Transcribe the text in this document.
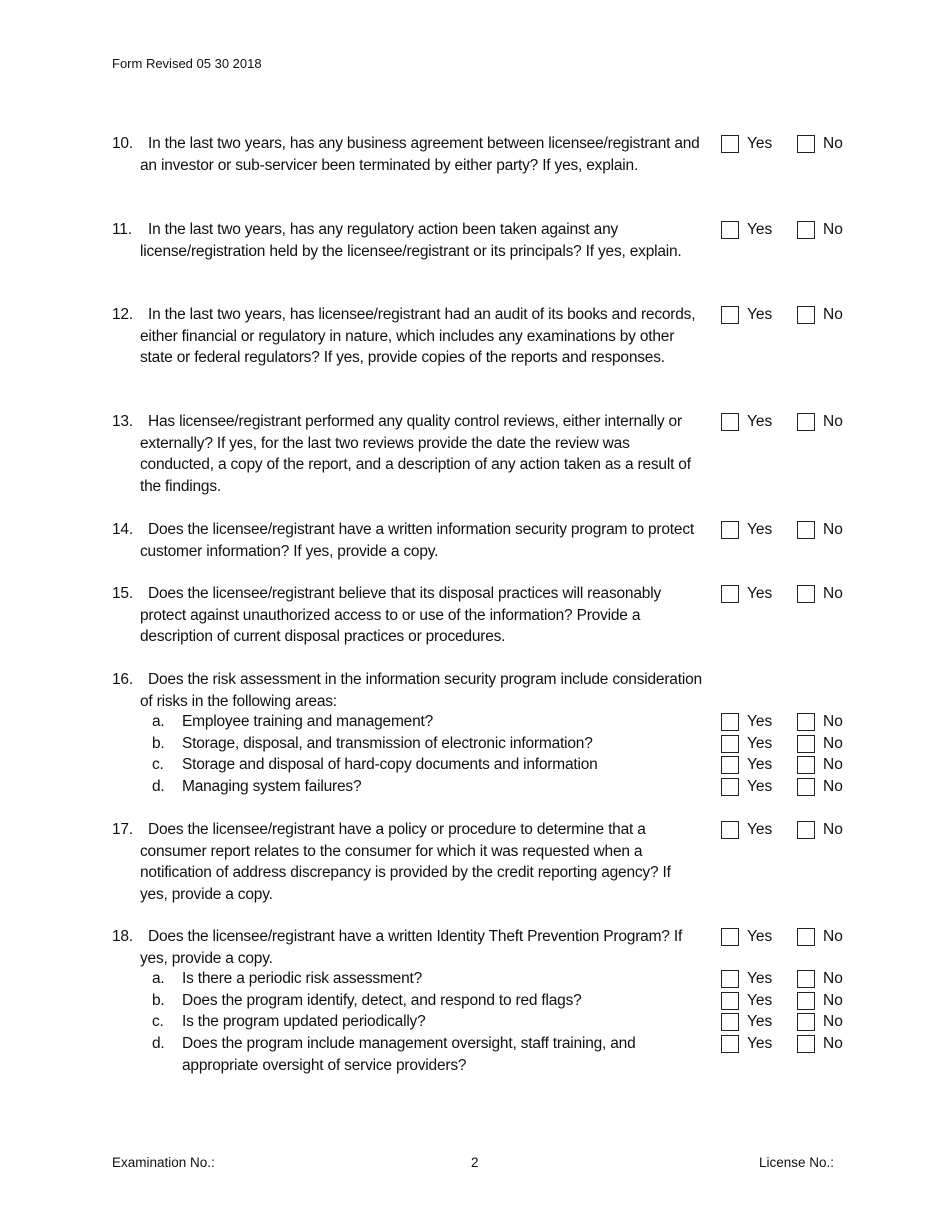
Form Revised 05 30 2018
10. In the last two years, has any business agreement between licensee/registrant and an investor or sub-servicer been terminated by either party? If yes, explain.
Yes	No
11.	In the last two years, has any regulatory action been taken against any license/registration held by the licensee/registrant or its principals? If yes, explain.
Yes	No
12. In the last two years, has licensee/registrant had an audit of its books and records, either financial or regulatory in nature, which includes any examinations by other state or federal regulators? If yes, provide copies of the reports and responses.
Yes	No
13. Has licensee/registrant performed any quality control reviews, either internally or externally? If yes, for the last two reviews provide the date the review was conducted, a copy of the report, and a description of any action taken as a result of the findings.
Yes	No
14. Does the licensee/registrant have a written information security program to protect customer information? If yes, provide a copy.
Yes	No
15. Does the licensee/registrant believe that its disposal practices will reasonably protect against unauthorized access to or use of the information? Provide a description of current disposal practices or procedures.
Yes	No
16. Does the risk assessment in the information security program include consideration of risks in the following areas:
a. Employee training and management?	Yes	No
b. Storage, disposal, and transmission of electronic information?	Yes	No
c. Storage and disposal of hard-copy documents and information	Yes	No
d. Managing system failures?	Yes	No
17. Does the licensee/registrant have a policy or procedure to determine that a consumer report relates to the consumer for which it was requested when a notification of address discrepancy is provided by the credit reporting agency? If yes, provide a copy.
Yes	No
18. Does the licensee/registrant have a written Identity Theft Prevention Program? If yes, provide a copy.
Yes	No
a. Is there a periodic risk assessment?	Yes	No
b. Does the program identify, detect, and respond to red flags?	Yes	No
c. Is the program updated periodically?	Yes	No
d. Does the program include management oversight, staff training, and appropriate oversight of service providers?
Yes	No
Examination No.:	2	License No.:
